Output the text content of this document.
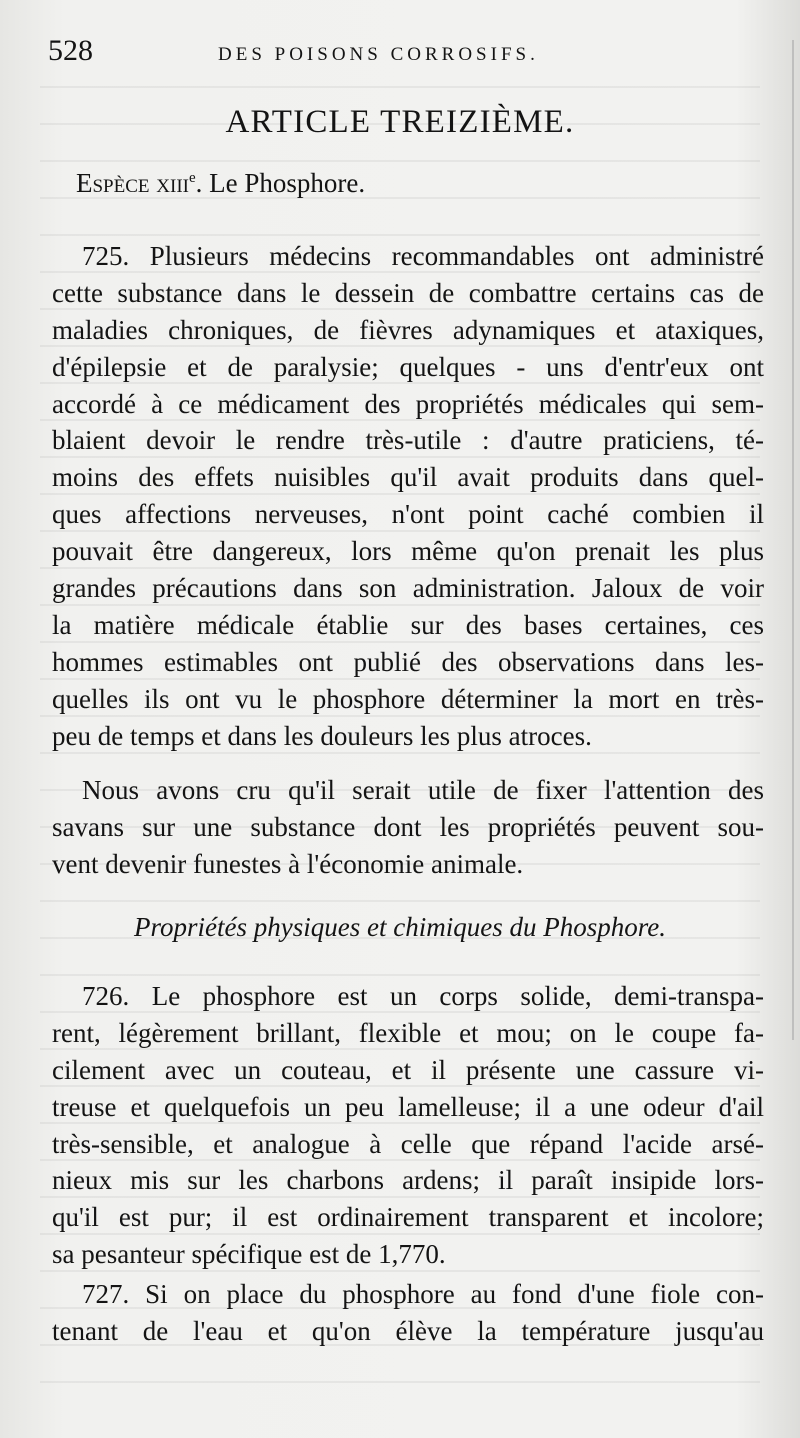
528	DES POISONS CORROSIFS.
ARTICLE TREIZIÈME.
Espèce xiii$^e$. Le Phosphore.
725. Plusieurs médecins recommandables ont administré
cette substance dans le dessein de combattre certains cas de
maladies chroniques, de fièvres adynamiques et ataxiques,
d'épilepsie et de paralysie; quelques - uns d'entr'eux ont
accordé à ce médicament des propriétés médicales qui sem-
blaient devoir le rendre très-utile : d'autre praticiens, té-
moins des effets nuisibles qu'il avait produits dans quel-
ques affections nerveuses, n'ont point caché combien il
pouvait être dangereux, lors même qu'on prenait les plus
grandes précautions dans son administration. Jaloux de voir
la matière médicale établie sur des bases certaines, ces
hommes estimables ont publié des observations dans les-
quelles ils ont vu le phosphore déterminer la mort en très-
peu de temps et dans les douleurs les plus atroces.
Nous avons cru qu'il serait utile de fixer l'attention des
savans sur une substance dont les propriétés peuvent sou-
vent devenir funestes à l'économie animale.
Propriétés physiques et chimiques du Phosphore.
726. Le phosphore est un corps solide, demi-transpa-
rent, légèrement brillant, flexible et mou; on le coupe fa-
cilement avec un couteau, et il présente une cassure vi-
treuse et quelquefois un peu lamelleuse; il a une odeur d'ail
très-sensible, et analogue à celle que répand l'acide arsé-
nieux mis sur les charbons ardens; il paraît insipide lors-
qu'il est pur; il est ordinairement transparent et incolore;
sa pesanteur spécifique est de 1,770.
727. Si on place du phosphore au fond d'une fiole con-
tenant de l'eau et qu'on élève la température jusqu'au
